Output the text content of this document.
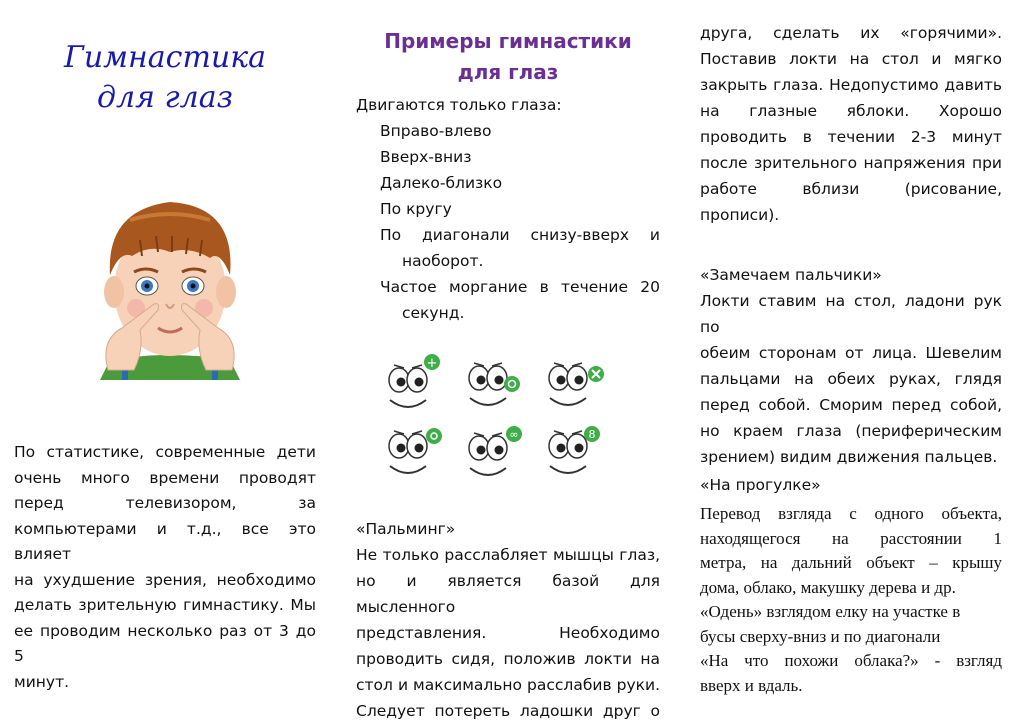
Гимнастика
для глаз
По статистике, современные дети
очень много времени проводят
перед телевизором, за
компьютерами и т.д., все это влияет
на ухудшение зрения, необходимо
делать зрительную гимнастику. Мы
ее проводим несколько раз от 3 до 5
минут.
Примеры гимнастики
для глаз
Двигаются только глаза:
Вправо-влево
Вверх-вниз
Далеко-близко
По кругу
По диагонали снизу-вверх и
наоборот.
Частое моргание в течение 20
секунд.
+
∞	8
«Пальминг»
Не только расслабляет мышцы глаз,
но и является базой для мысленного
представления. Необходимо
проводить сидя, положив локти на
стол и максимально расслабив руки.
Следует потереть ладошки друг о
друга, сделать их «горячими».
Поставив локти на стол и мягко
закрыть глаза. Недопустимо давить
на глазные яблоки. Хорошо
проводить в течении 2-3 минут
после зрительного напряжения при
работе вблизи (рисование,
прописи).
«Замечаем пальчики»
Локти ставим на стол, ладони рук по
обеим сторонам от лица. Шевелим
пальцами на обеих руках, глядя
перед собой. Сморим перед собой,
но краем глаза (периферическим
зрением) видим движения пальцев.
«На прогулке»
Перевод взгляда с одного объекта,
находящегося на расстоянии 1
метра, на дальний объект – крышу
дома, облако, макушку дерева и др.
«Одень» взглядом елку на участке в
бусы сверху-вниз и по диагонали
«На что похожи облака?» - взгляд
вверх и вдаль.
